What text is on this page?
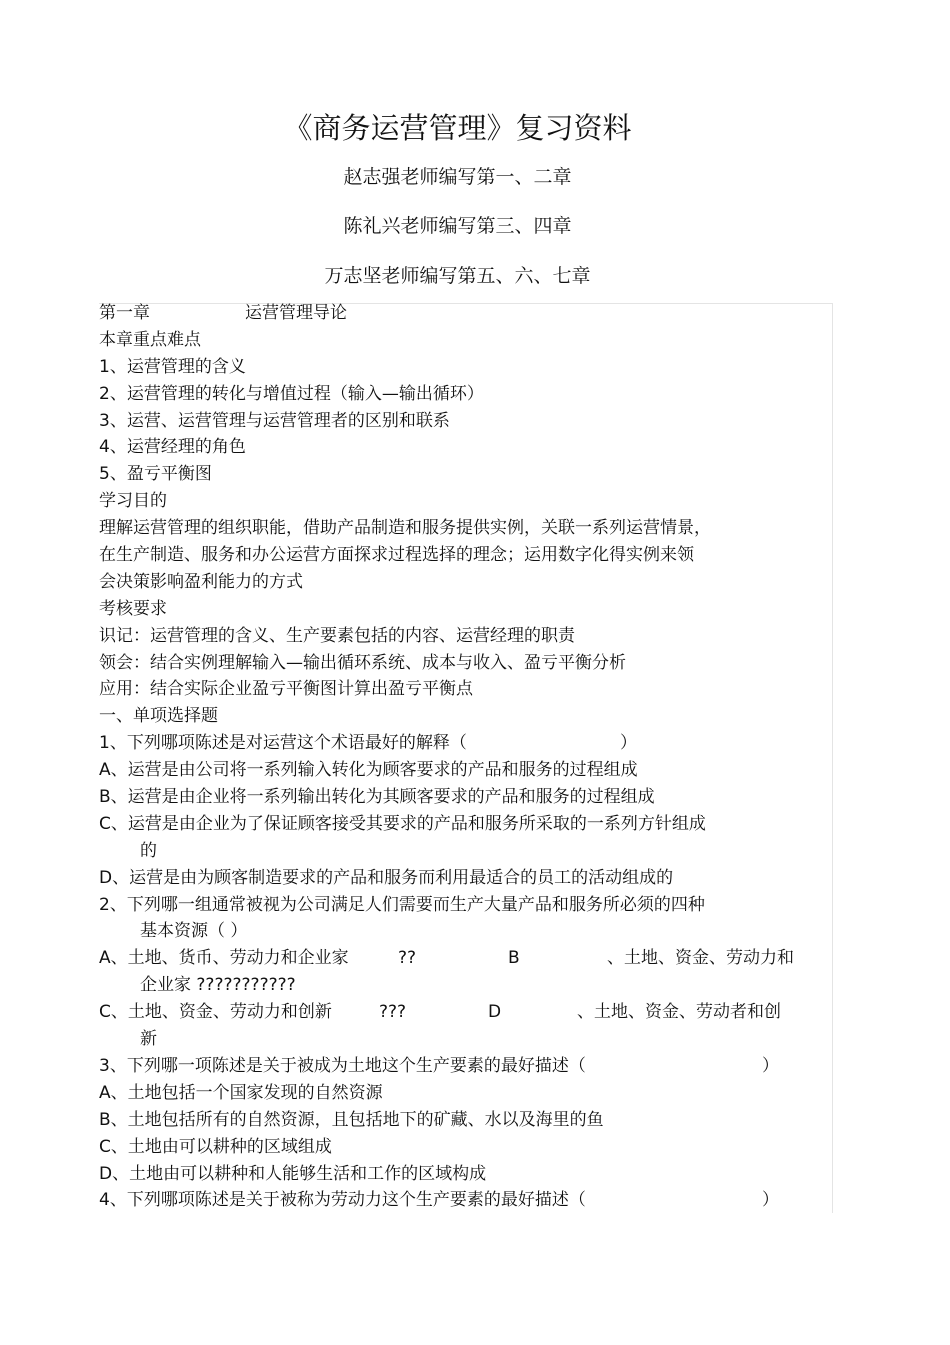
《商务运营管理》复习资料
赵志强老师编写第一、二章
陈礼兴老师编写第三、四章
万志坚老师编写第五、六、七章
第一章	运营管理导论
本章重点难点
1、运营管理的含义
2、运营管理的转化与增值过程（输入—输出循环）
3、运营、运营管理与运营管理者的区别和联系
4、运营经理的角色
5、盈亏平衡图
学习目的
理解运营管理的组织职能，借助产品制造和服务提供实例，关联一系列运营情景，
在生产制造、服务和办公运营方面探求过程选择的理念；运用数字化得实例来领
会决策影响盈利能力的方式
考核要求
识记：运营管理的含义、生产要素包括的内容、运营经理的职责
领会：结合实例理解输入—输出循环系统、成本与收入、盈亏平衡分析
应用：结合实际企业盈亏平衡图计算出盈亏平衡点
一、单项选择题
1、下列哪项陈述是对运营这个术语最好的解释（	）
A、运营是由公司将一系列输入转化为顾客要求的产品和服务的过程组成
B、运营是由企业将一系列输出转化为其顾客要求的产品和服务的过程组成
C、运营是由企业为了保证顾客接受其要求的产品和服务所采取的一系列方针组成
的
D、运营是由为顾客制造要求的产品和服务而利用最适合的员工的活动组成的
2、下列哪一组通常被视为公司满足人们需要而生产大量产品和服务所必须的四种
基本资源（ ）
A、土地、货币、劳动力和企业家	??	B	、土地、资金、劳动力和
企业家 ???????????
C、土地、资金、劳动力和创新	???	D	、土地、资金、劳动者和创
新
3、下列哪一项陈述是关于被成为土地这个生产要素的最好描述（	）
A、土地包括一个国家发现的自然资源
B、土地包括所有的自然资源，且包括地下的矿藏、水以及海里的鱼
C、土地由可以耕种的区域组成
D、土地由可以耕种和人能够生活和工作的区域构成
4、下列哪项陈述是关于被称为劳动力这个生产要素的最好描述（	）
